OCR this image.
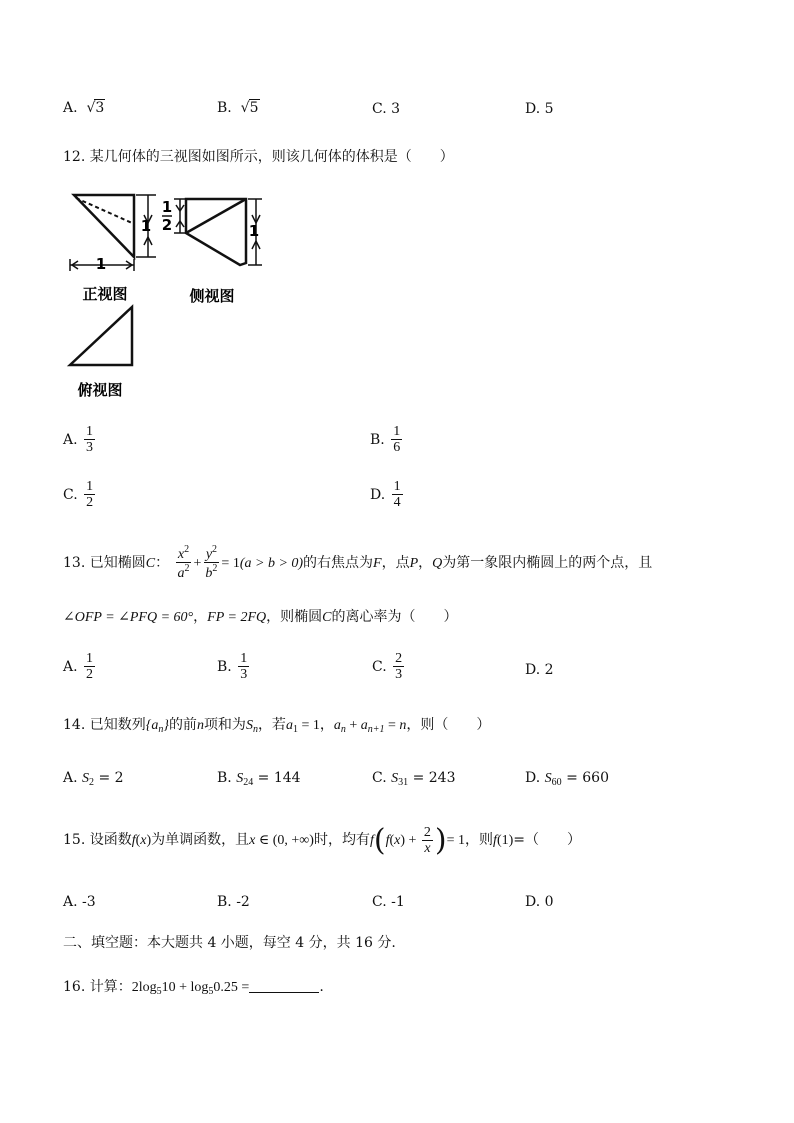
A.  √3	B.  √5	C. 3	D. 5
12. 某几何体的三视图如图所示，则该几何体的体积是（　　）
1
1	1
1
2
正视图	侧视图
俯视图
A. $\frac{1}{3}$	B. $\frac{1}{6}$
C. $\frac{1}{2}$	D. $\frac{1}{4}$
13. 已知椭圆C： $\frac{x^2}{a^2} + \frac{y^2}{b^2} = 1(a > b > 0)$的右焦点为F，点P，Q为第一象限内椭圆上的两个点，且
∠OFP = ∠PFQ = 60°，FP = 2FQ，则椭圆C的离心率为（　　）
A. $\frac{1}{2}$	B. $\frac{1}{3}$	C. $\frac{2}{3}$	D. 2
14. 已知数列$\{a_n\}$的前n项和为$S_n$，若$a_1 = 1$，$a_n + a_{n+1} = n$，则（　　）
A. $S_2 = 2$	B. $S_{24} = 144$	C. $S_{31} = 243$	D. $S_{60} = 660$
15. 设函数f(x)为单调函数，且x ∈ (0, +∞)时，均有$f(f(x) + \frac{2}{x}$ )= 1，则f(1)=（　　）
A. -3	B. -2	C. -1	D. 0
二、填空题：本大题共 4 小题，每空 4 分，共 16 分.
16. 计算：$2\log_510 + \log_50.25$ =	.
